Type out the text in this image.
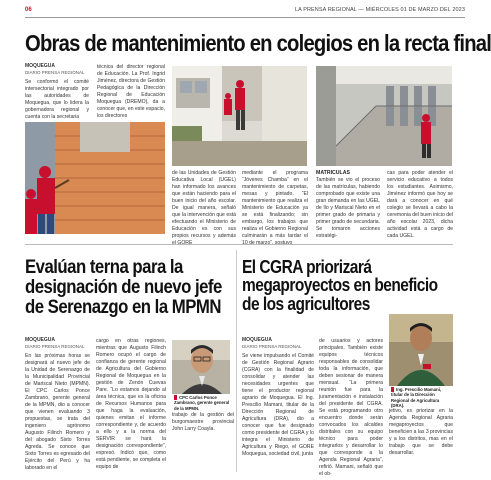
06	LA PRENSA REGIONAL — MIÉRCOLES 01 DE MARZO DEL 2023
Obras de mantenimiento en colegios en la recta final
MOQUEGUA
DIARIO PRENSA REGIONAL
Se conformó el comité intersectorial integrado por las autoridades de Moquegua, que lo lidera la gobernadora regional y cuenta con la secretaria
técnica del director regional de Educación. La Prof. Ingrid Jiménez, directora de Gestión Pedagógica de la Dirección Regional de Educación Moquegua (DREMO), da a conocer que, en este espacio, los directores
de las Unidades de Gestión Educativa Local (UGEL) han informado los avances que están haciendo para el buen inicio del año escolar. De igual manera, señaló que la intervención que está efectuando el Ministerio de Educación es con sus propios recursos y además
mediante el programa “Jóvenes Chamba” en el mantenimiento de carpetas, mesas y pintado. “El mantenimiento que realiza el Ministerio de Educación ya se está finalizando; sin embargo, los trabajos que realiza el Gobierno Regional culminarán a más tardar el
MATRICULAS
También se vio el proceso de las matrículas, habiendo comprobado que existe una gran demanda en las UGEL de Ilo y Mariscal Nieto en el primer grado de primaria y primer grado de secundaria. Se tomaron acciones estratégi-
cas para poder atender el servicio educativo a todos los estudiantes. Asimismo, Jiménez informó que hoy se dará a conocer en qué colegio se llevará a cabo la ceremonia del buen inicio del año escolar 2023, dicha actividad está a cargo de cada UGEL.
Evalúan terna para la designación de nuevo jefe de Serenazgo en la MPMN
MOQUEGUA
DIARIO PRENSA REGIONAL
En las próximas horas se designará al nuevo jefe de la Unidad de Serenazgo de la Municipalidad Provincial de Mariscal Nieto (MPMN). El CPC Carlos Ponce Zambrano, gerente general de la MPMN, dio a conocer que vienen evaluando 3 propuestas, se trata del ingeniero agrónomo Augusto Filinch Romero y del abogado Sixto Torres Agreda. Se conoce que Sixto Torres es egresado del Ejército del Perú y ha laborado en el
cargo en otras regiones, mientras que Augusto Filinch Romero ocupó el cargo de confianza de gerente regional de Agricultura del Gobierno Regional de Moquegua en la gestión de Zenón Cuevas Pare. “Lo estamos dejando al área técnica, que es la oficina de Recursos Humanos para que haga la evaluación, quienes emitan el informe correspondiente y, de acuerdo a ello y a la norma del SERVIR se hará la designación correspondiente”, expresó. Indicó que, como está pendiente, se completa el equipo de
CPC Carlos Ponce Zambrano, gerente general de la MPMN.
trabajo de la gestión del burgomaestre provincial John Larry Coayla.
El CGRA priorizará megaproyectos en beneficio de los agricultores
MOQUEGUA
DIARIO PRENSA REGIONAL
Se viene impulsando el Comité de Gestión Regional Agrario (CGRA) con la finalidad de consolidar y atender las necesidades urgentes que tiene el productor regional agrario de Moquegua. El Ing. Prescilio Mamani, titular de la Dirección Regional de Agricultura (DRA), dio a conocer que fue designado como presidente del CGRA y lo integra el Ministerio de Agricultura y Riego, el GORE Moquegua, sociedad civil, junta
de usuarios y actores principales. También existe equipos técnicos responsables de consolidar toda la información, que deben sesionar de manera mensual. “La primera reunión fue para la juramentación e instalación del presidente del CGRA. Se está programando otro encuentro donde serán convocados los alcaldes distritales con su equipo técnico para poder integrarlos y desarrollar lo que corresponde a la Agenda Regional Agraria”, refirió. Mamani, señaló que el ob-
Ing. Prescilio Mamani, titular de la Dirección Regional de Agricultura (DRA).
jetivo, es priorizar en la Agenda Regional Agraria megaproyectos que beneficien a las 3 provincias y a los distritos, mas en el trabajo que se debe desarrollar.
